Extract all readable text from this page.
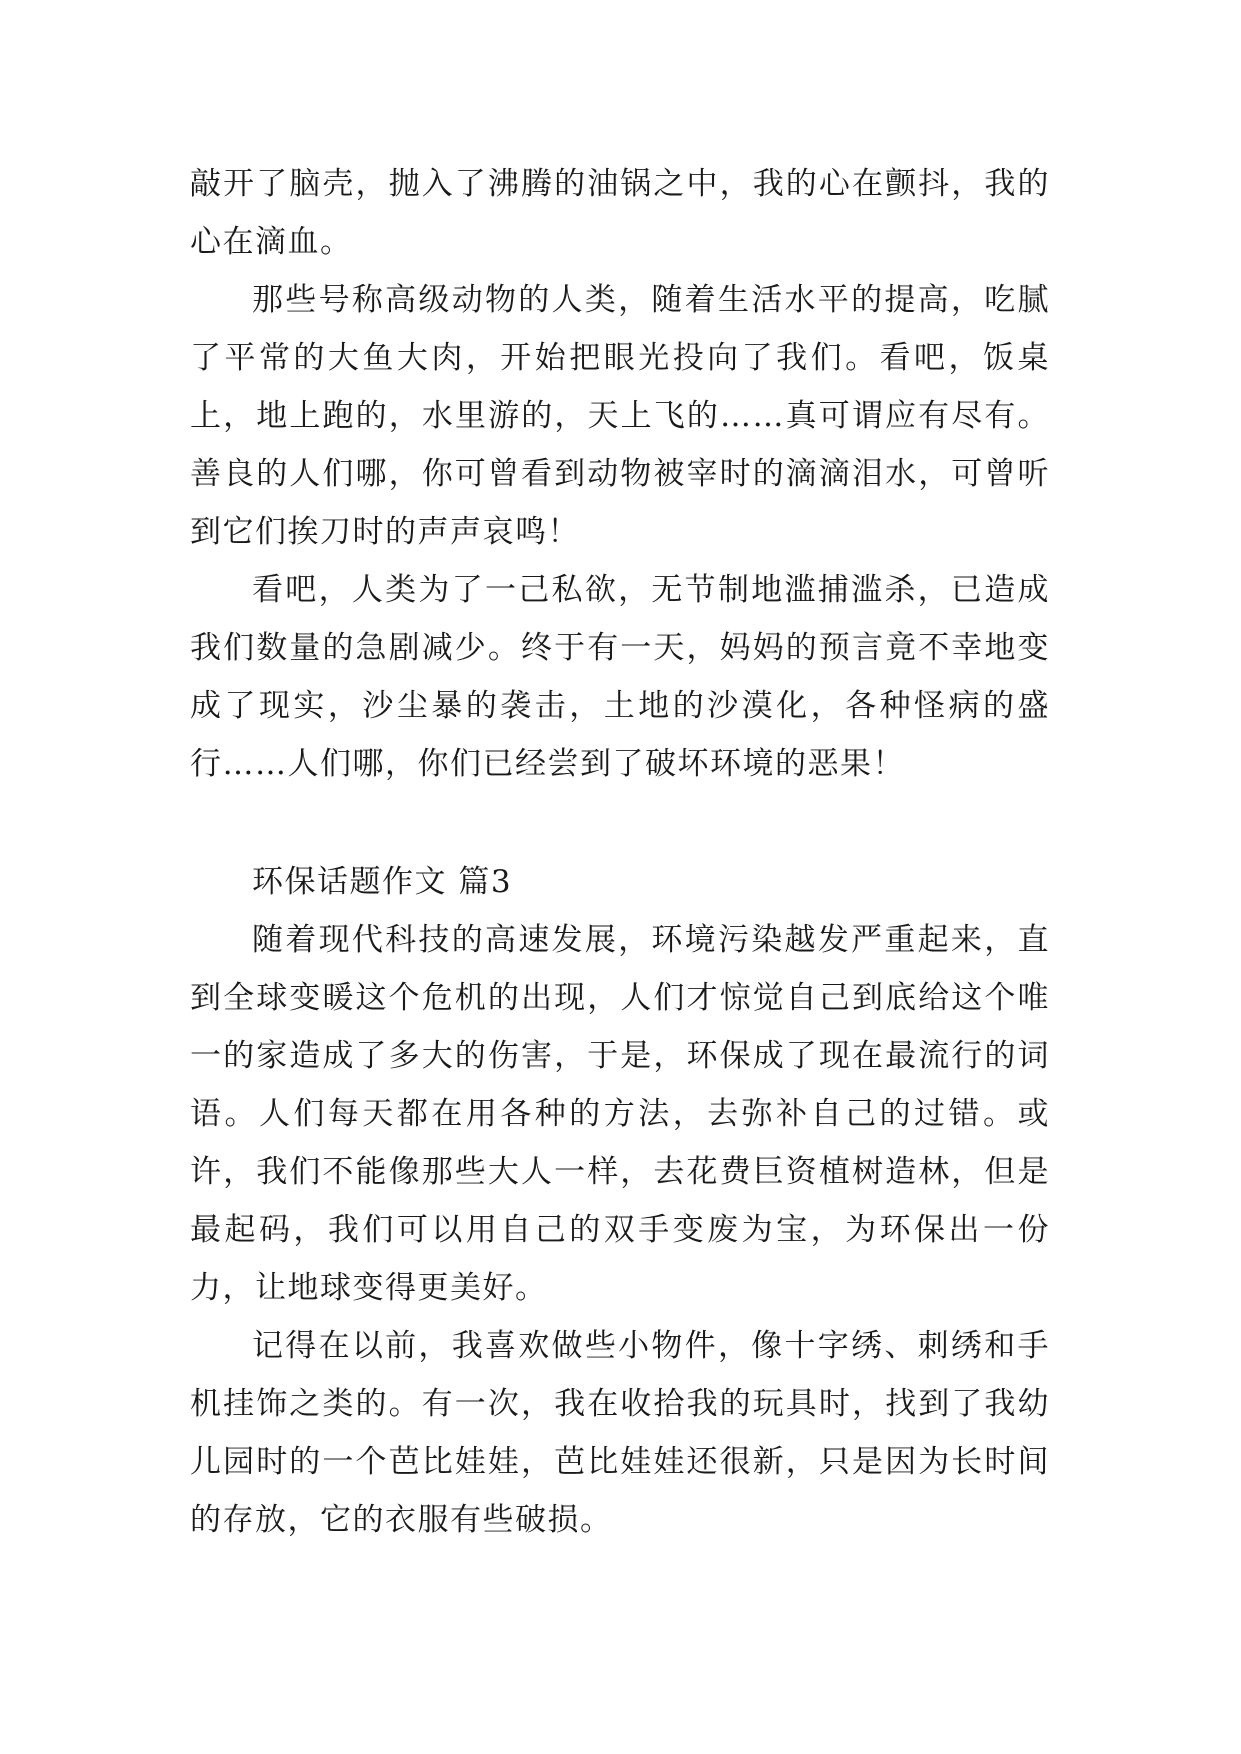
敲开了脑壳，抛入了沸腾的油锅之中，我的心在颤抖，我的心在滴血。

那些号称高级动物的人类，随着生活水平的提高，吃腻了平常的大鱼大肉，开始把眼光投向了我们。看吧，饭桌上，地上跑的，水里游的，天上飞的……真可谓应有尽有。善良的人们哪，你可曾看到动物被宰时的滴滴泪水，可曾听到它们挨刀时的声声哀鸣！

看吧，人类为了一己私欲，无节制地滥捕滥杀，已造成我们数量的急剧减少。终于有一天，妈妈的预言竟不幸地变成了现实，沙尘暴的袭击，土地的沙漠化，各种怪病的盛行……人们哪，你们已经尝到了破坏环境的恶果！

环保话题作文 篇3

随着现代科技的高速发展，环境污染越发严重起来，直到全球变暖这个危机的出现，人们才惊觉自己到底给这个唯一的家造成了多大的伤害，于是，环保成了现在最流行的词语。人们每天都在用各种的方法，去弥补自己的过错。或许，我们不能像那些大人一样，去花费巨资植树造林，但是最起码，我们可以用自己的双手变废为宝，为环保出一份力，让地球变得更美好。

记得在以前，我喜欢做些小物件，像十字绣、刺绣和手机挂饰之类的。有一次，我在收拾我的玩具时，找到了我幼儿园时的一个芭比娃娃，芭比娃娃还很新，只是因为长时间的存放，它的衣服有些破损。
